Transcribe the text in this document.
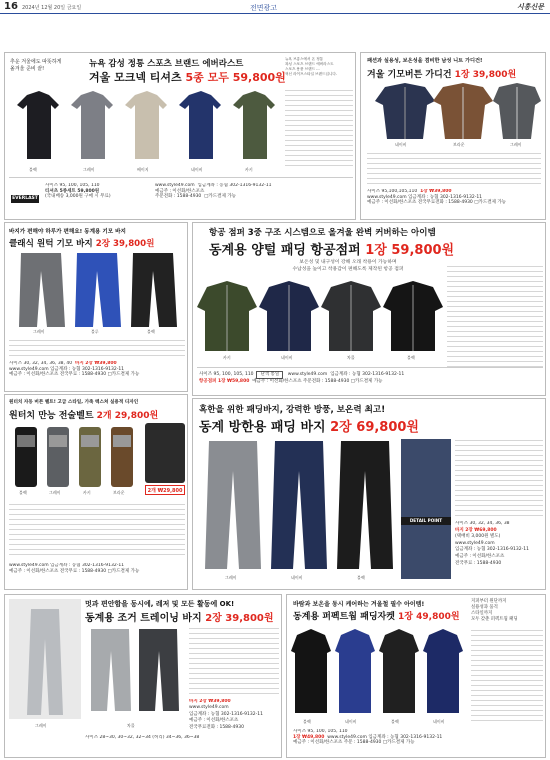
16 2024년 12월 20일 금요일	전면광고	시흥신문
추운 겨울에도 따뜻하게
올겨울 준비 끝!	뉴욕 감성 정통 스포츠 브랜드 에버라스트
겨울 모크넥 티셔츠 5종 모두 59,800원
뉴욕 브롱스에서 온 정통
복싱 스포츠 브랜드 에버라스트
스포츠 용품 브랜드 ...
혁신 라이프스타일 브랜드입니다.
블랙	그레이	베이지	네이비	카키
EVERLAST
사이즈 95, 100, 105, 110
티셔츠 5종세트 59,800원
(국내배송 3,000원 구매 시 무료)
www.style49.com 입금계좌 : 농협 302-1316-9132-11
예금주 : 이선화/한스포츠
주문전화 : 1588-4930  □카드결제 가능
패션과 실용성, 보온성을 겸비한 남성 니트 가디건!
겨울 기모버튼 가디건 1장 39,800원
네이비	브라운	그레이
사이즈 95,100,105,110 1장 ₩39,800
www.style49.com 입금계좌 : 농협 302-1316-9132-11
예금주 : 이선화/한스포츠 전국무료전화 : 1588-4930 □카드결제 가능
바지가 편해야 하루가 편해요! 동계용 기모 바지
클래식 원턱 기모 바지 2장 39,800원
그레이	블루	블랙
사이즈 30, 32, 34, 36, 38, 40 바지 2장 ₩39,800
www.style49.com 입금계좌 : 농협 302-1316-9132-11
예금주 : 이선화/한스포츠 전국무료 : 1588-4930 □카드결제 가능
항공 점퍼 3중 구조 시스템으로 올겨울 완벽 커버하는 아이템
동계용 양털 패딩 항공점퍼 1장 59,800원
보온성 및 내구성이 강해 오래 착용이 가능하며
수납성을 높이고 착용감이 편해도록 제작된 항공 점퍼
카키	네이비	차콜	블랙
사이즈 95, 100, 105, 110 단색 통일 www.style49.com 입금계좌 : 농협 302-1316-9132-11
항공점퍼 1장 ₩59,800 예금주 : 이선화/한스포츠 주문전화 : 1588-4930 □카드결제 가능
원터치 자동 버튼 벨트! 고급 스타일, 가죽 텍스쳐 실용적 디자인
원터치 만능 전술벨트 2개 29,800원
블랙	그레이	카키	브라운	2개 ₩29,800
www.style49.com 입금계좌 : 농협 302-1316-9132-11
예금주 : 이선화/한스포츠 전국무료 : 1588-4930 □카드결제 가능
혹한을 위한 패딩바지, 강력한 방풍, 보온력 최고!
동계 방한용 패딩 바지 2장 69,800원
그레이	네이비	블랙
DETAIL POINT
사이즈 30, 32, 34, 36, 38
바지 2장 ₩69,800
(택배비 3,000원 별도)
www.style49.com
입금계좌 : 농협 302-1316-9132-11
예금주 : 이선화/한스포츠
전국무료 : 1588-4930
멋과 편안함을 동시에, 레저 및 모든 활동에 OK!
동계용 조거 트레이닝 바지 2장 39,800원
그레이	차콜
바지 2장 ₩39,800
www.style49.com
입금계좌 : 농협 302-1316-9132-11
예금주 : 이선화/한스포츠
전국무료전화 : 1588-4930
사이즈 28~30, 30~32, 32~34 (허리) 34~36, 36~38
바람과 보온을 동시 케어하는 겨울철 필수 아이템!
동계용 퍼펙트웜 패딩자켓 1장 49,800원
블랙	네이비	블랙	네이비
지퍼부터 원단까지
실용성과 품격
스타일까지
모두 갖춘 퍼펙트웜 패딩
사이즈 95, 100, 105, 110
1장 ₩49,800 www.style49.com 입금계좌 : 농협 302-1316-9132-11
예금주 : 이선화/한스포츠 주문 : 1588-4930 □카드결제 가능
